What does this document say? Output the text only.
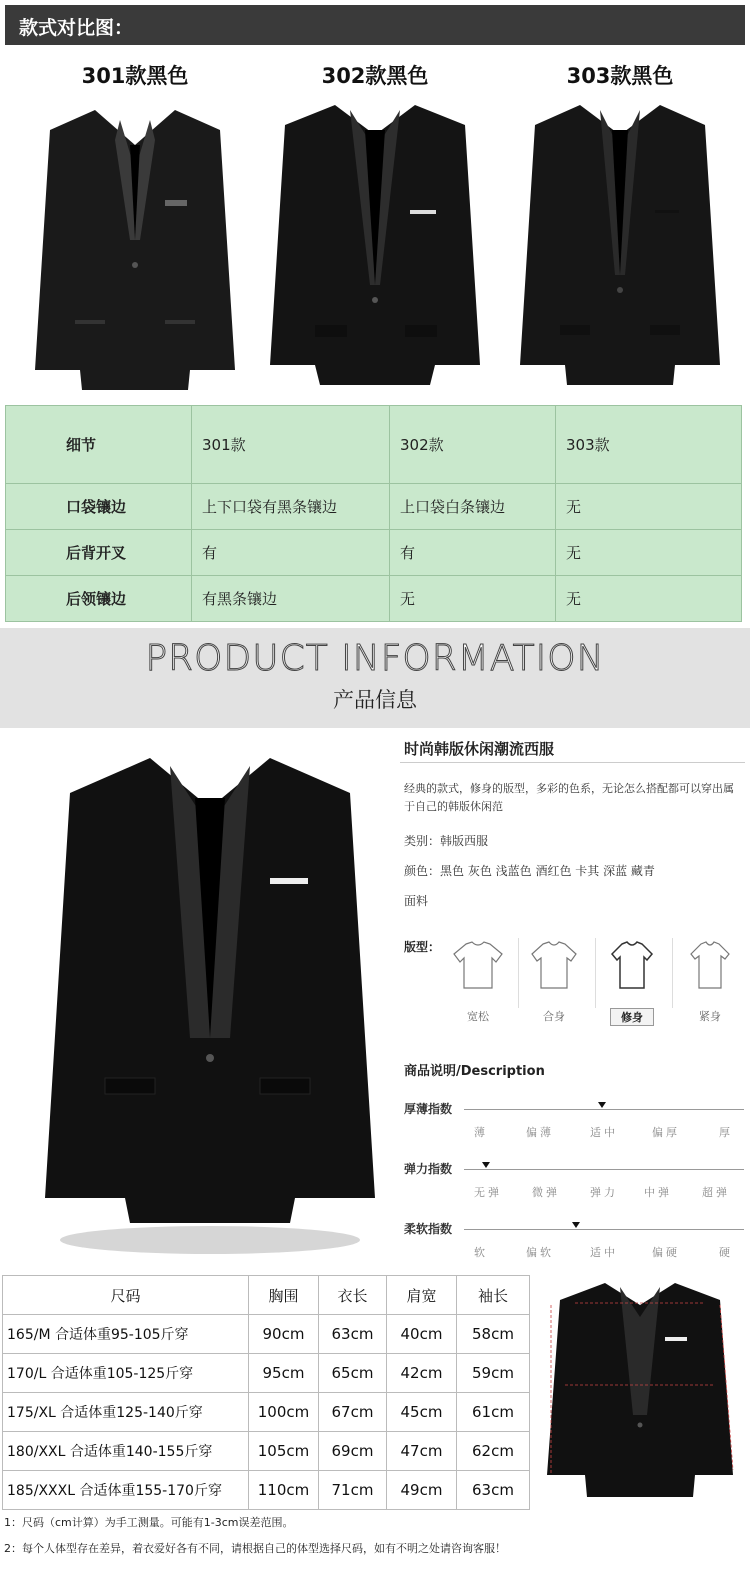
款式对比图：
301款黑色	302款黑色	303款黑色
细节	301款	302款	303款
口袋镶边	上下口袋有黑条镶边	上口袋白条镶边	无
后背开叉	有	有	无
后领镶边	有黑条镶边	无	无
PRODUCT INFORMATION
产品信息
时尚韩版休闲潮流西服
经典的款式，修身的版型，多彩的色系，无论怎么搭配都可以穿出属于自己的韩版休闲范
类别：韩版西服
颜色：黑色 灰色 浅蓝色 酒红色 卡其 深蓝 藏青
面料
版型：
宽松	合身	修身	紧身
商品说明/Description
厚薄指数
薄	偏薄	适中	偏厚	厚
弹力指数
无弹	微弹	弹力 中弹	超弹
柔软指数
软	偏软	适中	偏硬	硬
尺码	胸围	衣长	肩宽	袖长
165/M 合适体重95-105斤穿	90cm	63cm	40cm	58cm
170/L 合适体重105-125斤穿	95cm	65cm	42cm	59cm
175/XL 合适体重125-140斤穿	100cm	67cm	45cm	61cm
180/XXL 合适体重140-155斤穿	105cm	69cm	47cm	62cm
185/XXXL 合适体重155-170斤穿	110cm	71cm	49cm	63cm
1：尺码（cm计算）为手工测量。可能有1-3cm误差范围。
2：每个人体型存在差异，着衣爱好各有不同，请根据自己的体型选择尺码，如有不明之处请咨询客服！
